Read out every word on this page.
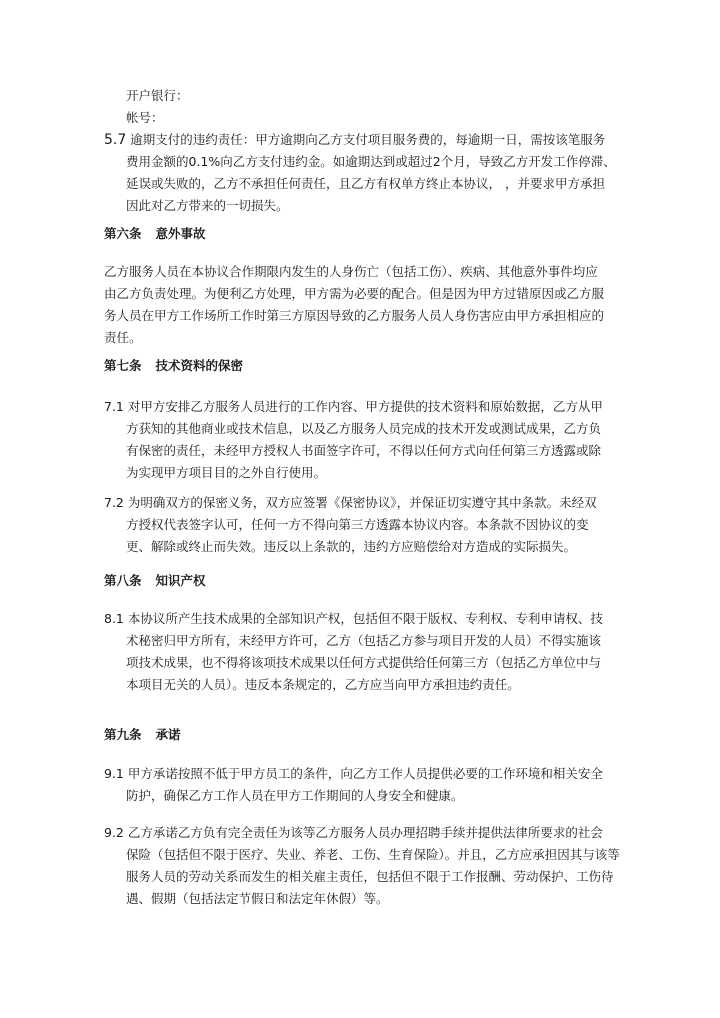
开户银行：
帐号：
5.7 逾期支付的违约责任：甲方逾期向乙方支付项目服务费的，每逾期一日，需按该笔服务
费用金额的0.1%向乙方支付违约金。如逾期达到或超过2个月，导致乙方开发工作停滞、
延误或失败的，乙方不承担任何责任，且乙方有权单方终止本协议， ，并要求甲方承担
因此对乙方带来的一切损失。
第六条 意外事故
乙方服务人员在本协议合作期限内发生的人身伤亡（包括工伤）、疾病、其他意外事件均应
由乙方负责处理。为便利乙方处理，甲方需为必要的配合。但是因为甲方过错原因或乙方服
务人员在甲方工作场所工作时第三方原因导致的乙方服务人员人身伤害应由甲方承担相应的
责任。
第七条 技术资料的保密
7.1 对甲方安排乙方服务人员进行的工作内容、甲方提供的技术资料和原始数据，乙方从甲
方获知的其他商业或技术信息，以及乙方服务人员完成的技术开发或测试成果，乙方负
有保密的责任，未经甲方授权人书面签字许可，不得以任何方式向任何第三方透露或除
为实现甲方项目目的之外自行使用。
7.2 为明确双方的保密义务，双方应签署《保密协议》，并保证切实遵守其中条款。未经双
方授权代表签字认可，任何一方不得向第三方透露本协议内容。本条款不因协议的变
更、解除或终止而失效。违反以上条款的，违约方应赔偿给对方造成的实际损失。
第八条 知识产权
8.1 本协议所产生技术成果的全部知识产权，包括但不限于版权、专利权、专利申请权、技
术秘密归甲方所有，未经甲方许可，乙方（包括乙方参与项目开发的人员）不得实施该
项技术成果，也不得将该项技术成果以任何方式提供给任何第三方（包括乙方单位中与
本项目无关的人员）。违反本条规定的，乙方应当向甲方承担违约责任。
第九条 承诺
9.1 甲方承诺按照不低于甲方员工的条件，向乙方工作人员提供必要的工作环境和相关安全
防护，确保乙方工作人员在甲方工作期间的人身安全和健康。
9.2 乙方承诺乙方负有完全责任为该等乙方服务人员办理招聘手续并提供法律所要求的社会
保险（包括但不限于医疗、失业、养老、工伤、生育保险）。并且，乙方应承担因其与该等
服务人员的劳动关系而发生的相关雇主责任，包括但不限于工作报酬、劳动保护、工伤待
遇、假期（包括法定节假日和法定年休假）等。
